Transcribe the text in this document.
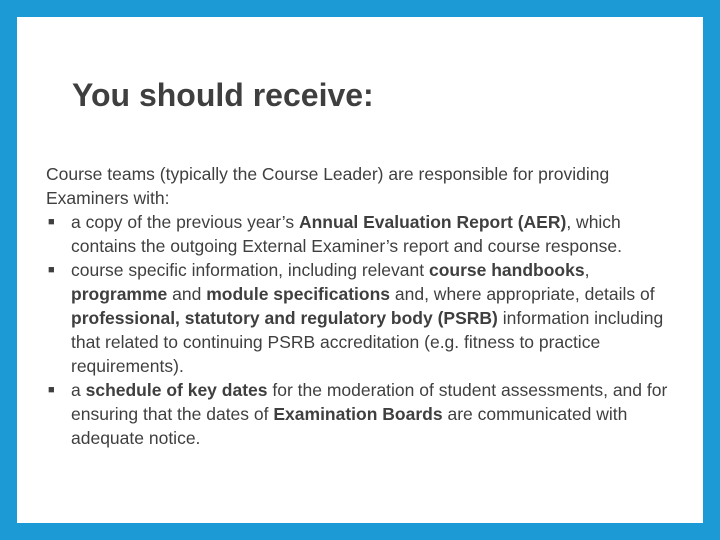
You should receive:

Course teams (typically the Course Leader) are responsible for providing Examiners with:

■ a copy of the previous year’s Annual Evaluation Report (AER), which contains the outgoing External Examiner’s report and course response.
■ course specific information, including relevant course handbooks, programme and module specifications and, where appropriate, details of professional, statutory and regulatory body (PSRB) information including that related to continuing PSRB accreditation (e.g. fitness to practice requirements).
■ a schedule of key dates for the moderation of student assessments, and for ensuring that the dates of Examination Boards are communicated with adequate notice.
